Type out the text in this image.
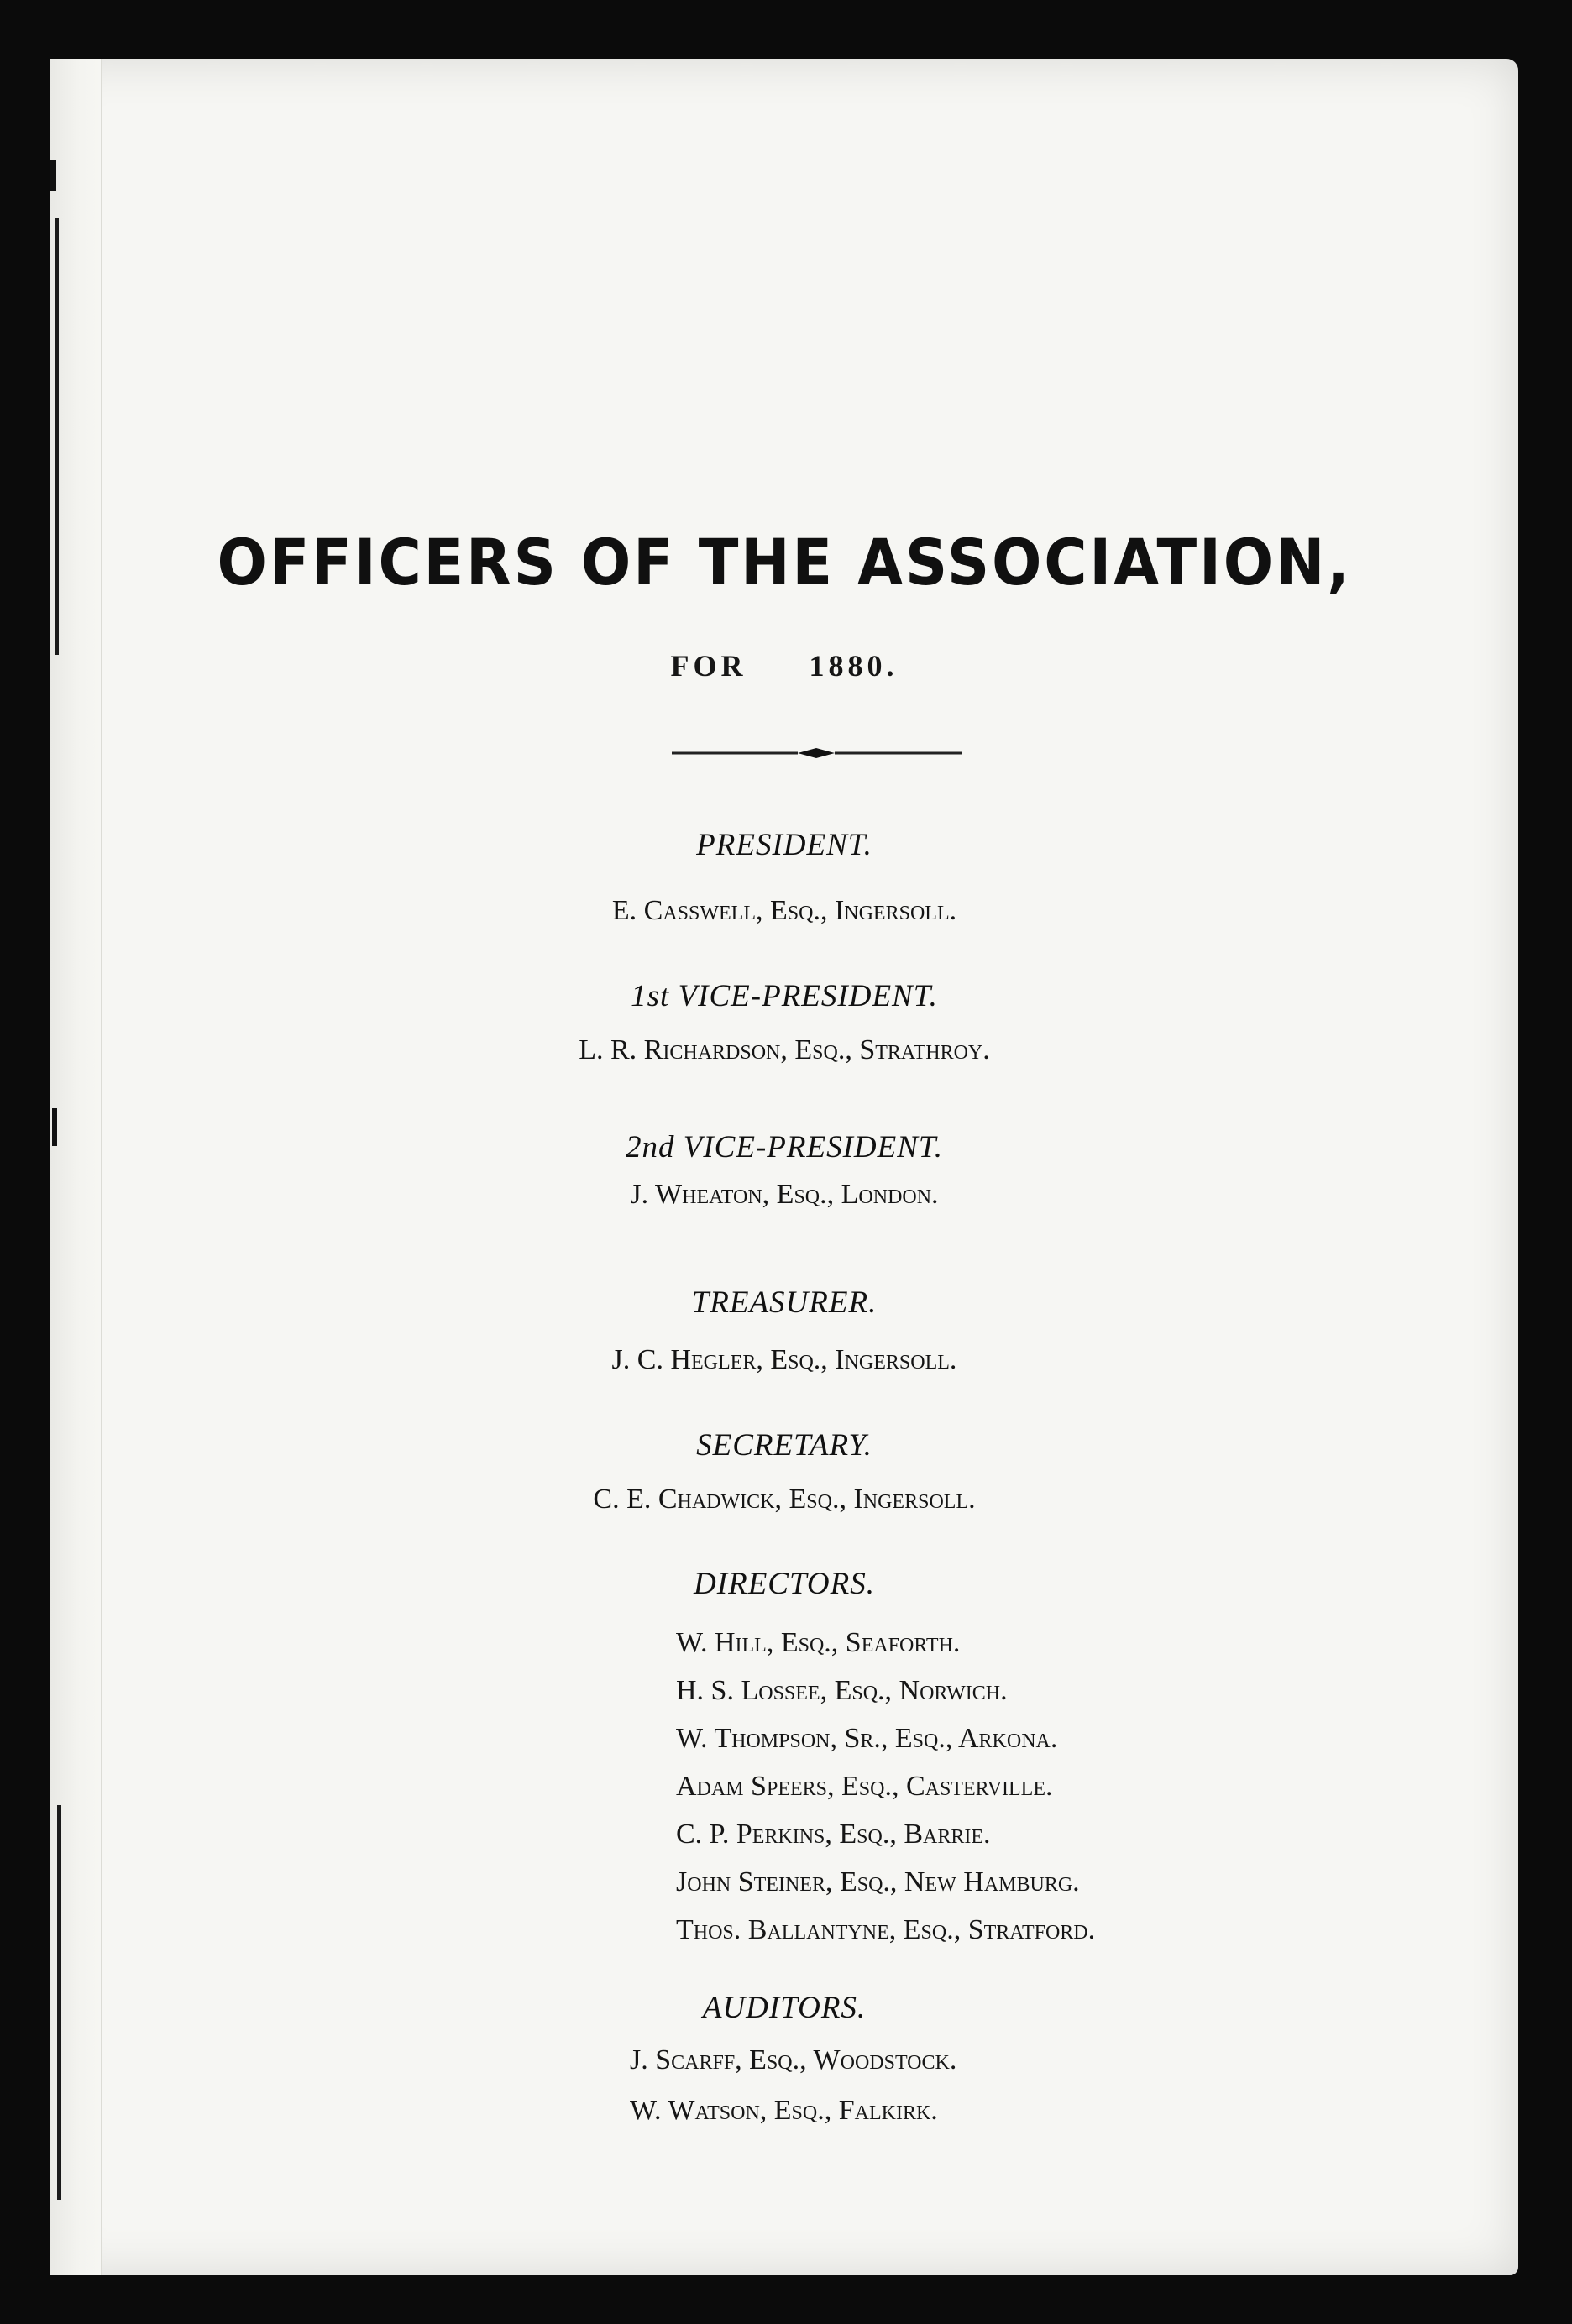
OFFICERS OF THE ASSOCIATION,
FOR 1880.
PRESIDENT.
E. Casswell, Esq., Ingersoll.
1st VICE-PRESIDENT.
L. R. Richardson, Esq., Strathroy.
2nd VICE-PRESIDENT.
J. Wheaton, Esq., London.
TREASURER.
J. C. Hegler, Esq., Ingersoll.
SECRETARY.
C. E. Chadwick, Esq., Ingersoll.
DIRECTORS.
W. Hill, Esq., Seaforth.
H. S. Lossee, Esq., Norwich.
W. Thompson, Sr., Esq., Arkona.
Adam Speers, Esq., Casterville.
C. P. Perkins, Esq., Barrie.
John Steiner, Esq., New Hamburg.
Thos. Ballantyne, Esq., Stratford.
AUDITORS.
J. Scarff, Esq., Woodstock.
W. Watson, Esq., Falkirk.
